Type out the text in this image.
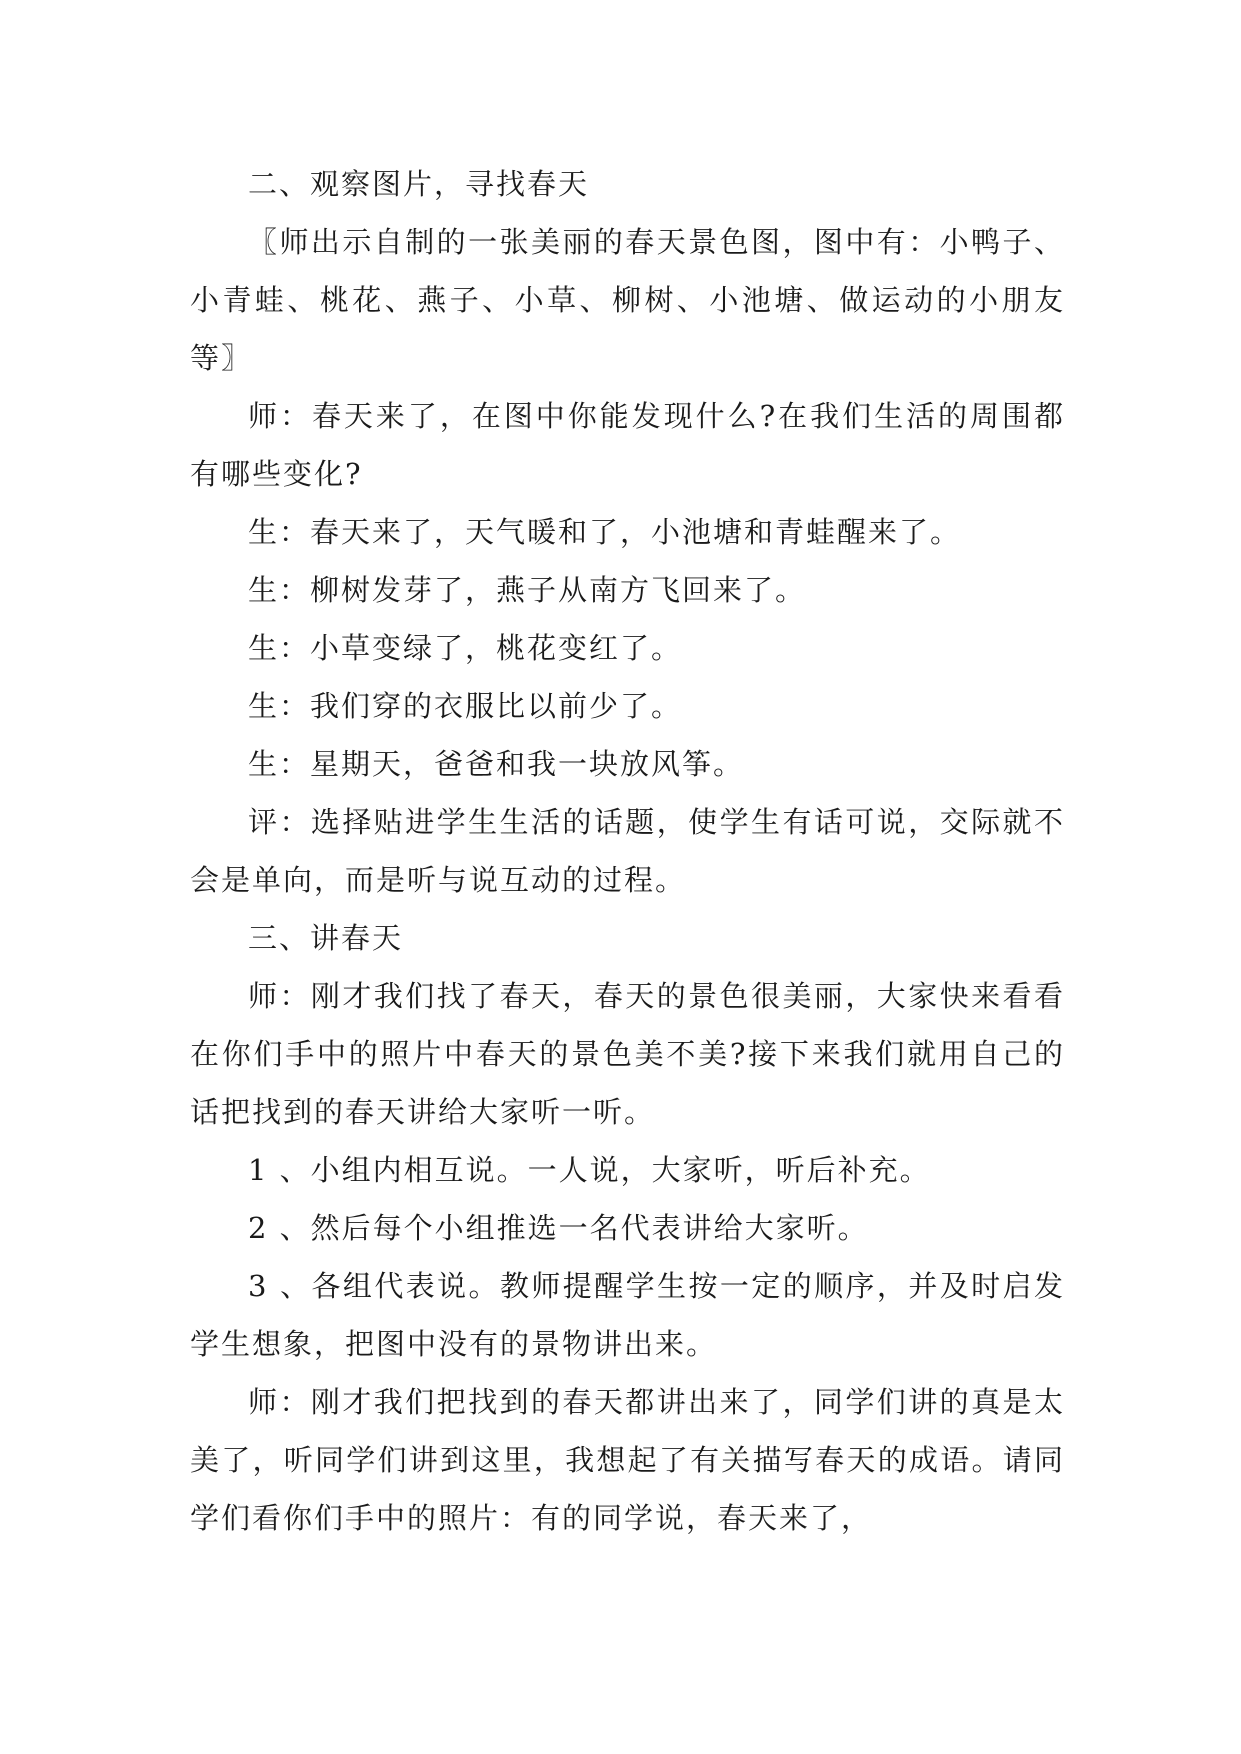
二、观察图片，寻找春天

〖师出示自制的一张美丽的春天景色图，图中有：小鸭子、小青蛙、桃花、燕子、小草、柳树、小池塘、做运动的小朋友等〗

师：春天来了，在图中你能发现什么?在我们生活的周围都有哪些变化?

生：春天来了，天气暖和了，小池塘和青蛙醒来了。

生：柳树发芽了，燕子从南方飞回来了。

生：小草变绿了，桃花变红了。

生：我们穿的衣服比以前少了。

生：星期天，爸爸和我一块放风筝。

评：选择贴进学生生活的话题，使学生有话可说，交际就不会是单向，而是听与说互动的过程。

三、讲春天

师：刚才我们找了春天，春天的景色很美丽，大家快来看看在你们手中的照片中春天的景色美不美?接下来我们就用自己的话把找到的春天讲给大家听一听。

1 、小组内相互说。一人说，大家听，听后补充。

2 、然后每个小组推选一名代表讲给大家听。

3 、各组代表说。教师提醒学生按一定的顺序，并及时启发学生想象，把图中没有的景物讲出来。

师：刚才我们把找到的春天都讲出来了，同学们讲的真是太美了，听同学们讲到这里，我想起了有关描写春天的成语。请同学们看你们手中的照片：有的同学说，春天来了，
